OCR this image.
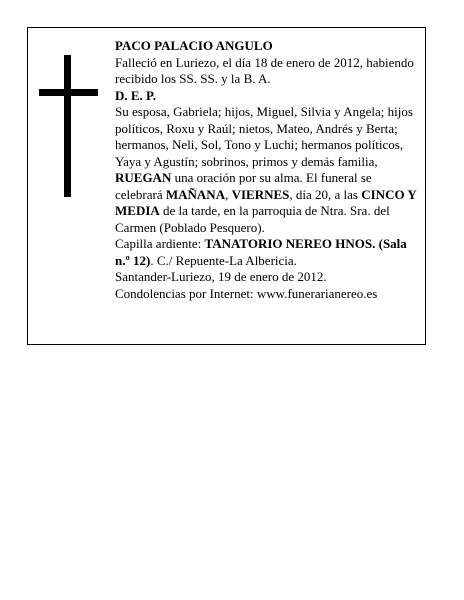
PACO PALACIO ANGULO

Falleció en Luriezo, el día 18 de enero de 2012, habiendo recibido los SS. SS. y la B. A.

D. E. P.

Su esposa, Gabriela; hijos, Miguel, Silvia y Angela; hijos políticos, Roxu y Raúl; nietos, Mateo, Andrés y Berta; hermanos, Neli, Sol, Tono y Luchi; hermanos políticos, Yaya y Agustín; sobrinos, primos y demás familia,

RUEGAN una oración por su alma. El funeral se celebrará MAÑANA, VIERNES, día 20, a las CINCO Y MEDIA de la tarde, en la parroquia de Ntra. Sra. del Carmen (Poblado Pesquero).

Capilla ardiente: TANATORIO NEREO HNOS. (Sala n.º 12). C./ Repuente-La Albericia.

Santander-Luriezo, 19 de enero de 2012.

Condolencias por Internet: www.funerarianereo.es
